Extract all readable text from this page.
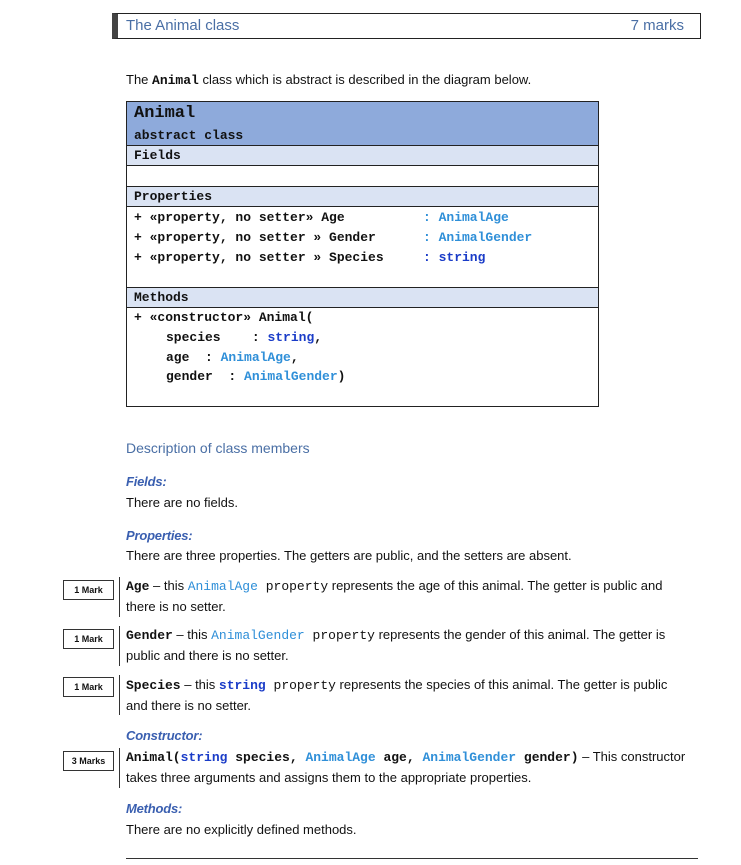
The Animal class	7 marks
The Animal class which is abstract is described in the diagram below.
Animal
abstract class
Fields
Properties
+ «property, no setter» Age	: AnimalAge
+ «property, no setter » Gender	: AnimalGender
+ «property, no setter » Species	: string
Methods
+ «constructor» Animal(
species    : string,
age  : AnimalAge,
gender  : AnimalGender)
Description of class members
Fields:
There are no fields.
Properties:
There are three properties. The getters are public, and the setters are absent.
1 Mark	Age – this AnimalAge property represents the age of this animal. The getter is public and there is no setter.
1 Mark	Gender – this AnimalGender property represents the gender of this animal. The getter is public and there is no setter.
1 Mark	Species – this string property represents the species of this animal. The getter is public and there is no setter.
Constructor:
3 Marks	Animal(string species, AnimalAge age, AnimalGender gender) – This constructor takes three arguments and assigns them to the appropriate properties.
Methods:
There are no explicitly defined methods.
